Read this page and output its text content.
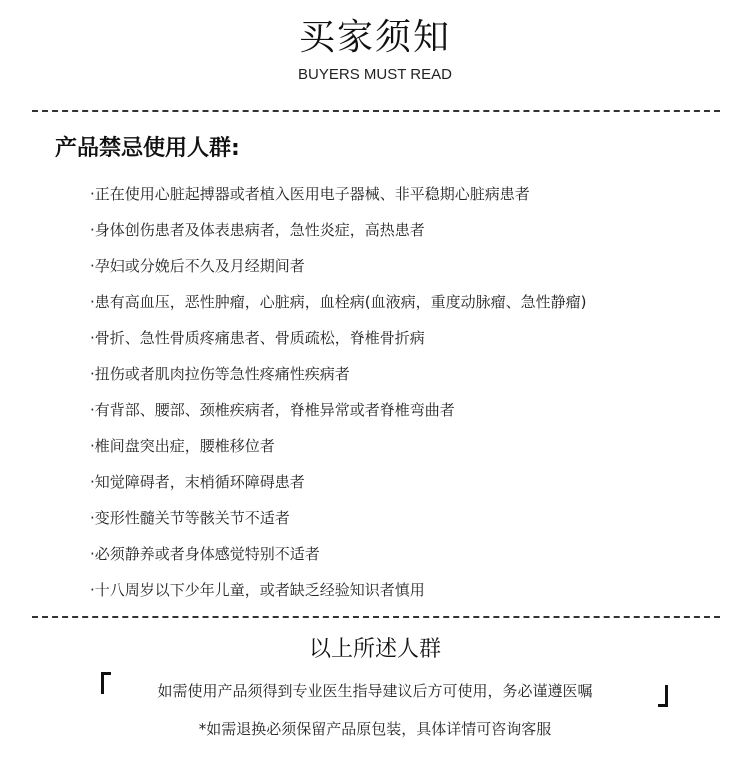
买家须知
BUYERS MUST READ
产品禁忌使用人群:
·正在使用心脏起搏器或者植入医用电子器械、非平稳期心脏病患者
·身体创伤患者及体表患病者，急性炎症，高热患者
·孕妇或分娩后不久及月经期间者
·患有高血压，恶性肿瘤，心脏病，血栓病(血液病，重度动脉瘤、急性静瘤)
·骨折、急性骨质疼痛患者、骨质疏松，脊椎骨折病
·扭伤或者肌肉拉伤等急性疼痛性疾病者
·有背部、腰部、颈椎疾病者，脊椎异常或者脊椎弯曲者
·椎间盘突出症，腰椎移位者
·知觉障碍者，末梢循环障碍患者
·变形性髓关节等骸关节不适者
·必须静养或者身体感觉特别不适者
·十八周岁以下少年儿童，或者缺乏经验知识者慎用
以上所述人群
如需使用产品须得到专业医生指导建议后方可使用，务必谨遵医嘱
*如需退换必须保留产品原包装，具体详情可咨询客服
